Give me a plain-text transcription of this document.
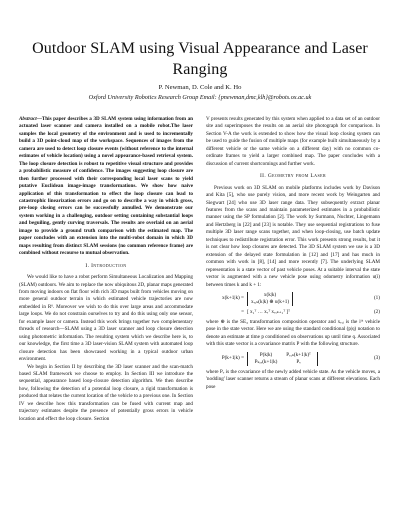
Outdoor SLAM using Visual Appearance and Laser
Ranging
P. Newman, D. Cole and K. Ho
Oxford University Robotics Research Group Email: {pnewman,dmc,klh}@robots.ox.ac.uk

Abstract—This paper describes a 3D SLAM system using information from an actuated laser scanner and camera installed on a mobile robot.The laser samples the local geometry of the environment and is used to incrementally build a 3D point-cloud map of the workspace. Sequences of images from the camera are used to detect loop closure events (without reference to the internal estimates of vehicle location) using a novel appearance-based retrieval system. The loop closure detection is robust to repetitive visual structure and provides a probabilistic measure of confidence. The images suggesting loop closure are then further processed with their corresponding local laser scans to yield putative Euclidean image-image transformations. We show how naive application of this transformation to effect the loop closure can lead to catastrophic linearization errors and go on to describe a way in which gross, pre-loop closing errors can be successfully annulled. We demonstrate our system working in a challenging, outdoor setting containing substantial loops and beguiling, gently curving traversals. The results are overlaid on an aerial image to provide a ground truth comparison with the estimated map. The paper concludes with an extension into the multi-robot domain in which 3D maps resulting from distinct SLAM sessions (no common reference frame) are combined without recourse to mutual observation.

I. Introduction

We would like to have a robot perform Simultaneous Localization and Mapping (SLAM) outdoors. We aim to replace the now ubiquitous 2D, planar maps generated from moving indoors on flat floor with rich 3D maps built from vehicles moving on more general outdoor terrain in which estimated vehicle trajectories are now embedded in R⁶. Moreover we wish to do this over large areas and accommodate large loops. We do not constrain ourselves to try and do this using only one sensor, for example laser or camera. Instead this work brings together two complementary threads of research—SLAM using a 3D laser scanner and loop closure detection using photometric information. The resulting system which we describe here is, to our knowledge, the first time a 3D laser-vision SLAM system with automated loop closure detection has been showcased working in a typical outdoor urban environment.

We begin in Section II by describing the 3D laser scanner and the scan-match based SLAM framework we choose to employ. In Section III we introduce the sequential, appearance based loop-closure detection algorithm. We then describe how, following the detection of a potential loop closure, a rigid transformation is produced that relates the current location of the vehicle to a previous one. In Section IV we describe how this transformation can be fused with current map and trajectory estimates despite the presence of potentially gross errors in vehicle location and effect the loop closure. Section

V presents results generated by this system when applied to a data set of an outdoor site and superimposes the results on an aerial site photograph for comparison. In Section V-A the work is extended to show how the visual loop closing system can be used to guide the fusion of multiple maps (for example built simultaneously by a different vehicle or the same vehicle on a different day) with no common co-ordinate frames to yield a larger combined map. The paper concludes with a discussion of current shortcomings and further work.

II. Geometry from Laser

Previous work on 3D SLAM on mobile platforms includes work by Davison and Kita [5], who use purely vision, and more recent work by Weingarten and Siegwart [24] who use 3D laser range data. They subsequently extract planar features from the scans and maintain parameterized estimates in a probabilistic manner using the SP formulation [2]. The work by Surmann, Nuchter, Lingemann and Hertzberg in [22] and [23] is notable. They use sequential registrations to fuse multiple 3D laser range scans together, and when loop-closing, use batch update techniques to redistribute registration error. This work presents strong results, but it is not clear how loop closures are detected. The 3D SLAM system we use is a 3D extension of the delayed state formulation in [12] and [17] and has much in common with work in [8], [14] and more recently [7]. The underlying SLAM representation is a state vector of past vehicle poses. At a suitable interval the state vector is augmented with a new vehicle pose using odometry information u(i) between times k and k + 1:

x(k+1|k) =
x(k|k)
xᵥ,ₖ(k|k) ⊕ u(k+1)
(1)
= [ x₁ᵀ … xᵥᵀ xᵥ,ₖ₊₁ᵀ ]ᵀ	(2)

where ⊕ is the SE₃ transformation composition operator and xᵥ,ᵢ is the iᵗʰ vehicle pose in the state vector. Here we are using the standard conditional (p|q) notation to denote an estimate at time p conditioned on observations up until time q. Associated with this state vector is a covariance matrix P with the following structure.

P(k+1|k) =
P(k|k)	Pᵥ,ₖ(k+1|k)ᵀ
Pₖ,ᵥ(k+1|k)	Pᵥ
(3)

where Pᵥ is the covariance of the newly added vehicle state. As the vehicle moves, a 'nodding' laser scanner returns a stream of planar scans at different elevations. Each pose
